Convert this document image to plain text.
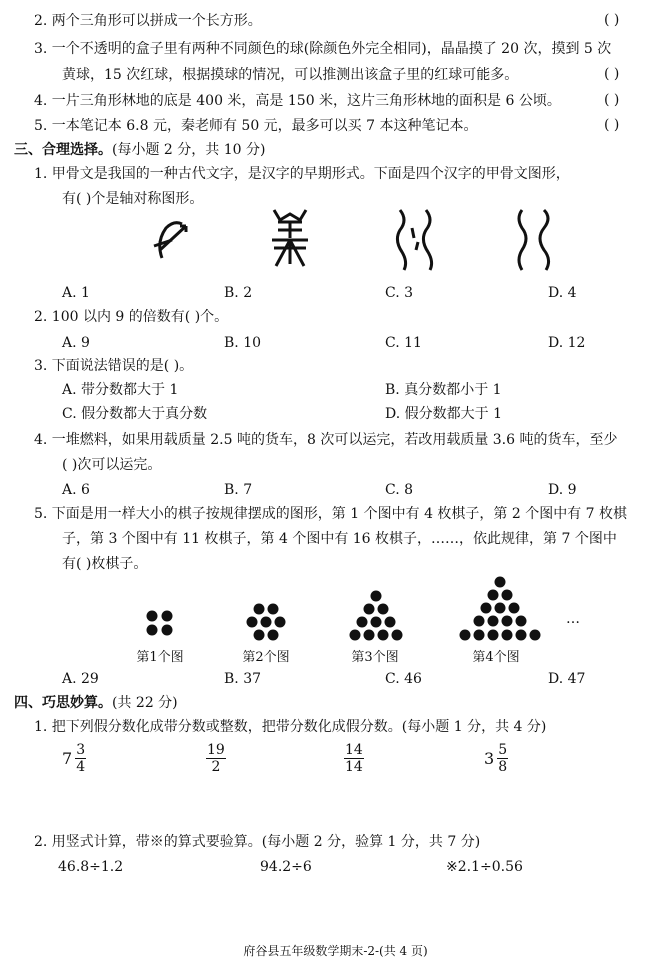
2. 两个三角形可以拼成一个长方形。	( )
3. 一个不透明的盒子里有两种不同颜色的球(除颜色外完全相同)，晶晶摸了 20 次，摸到 5 次
黄球，15 次红球，根据摸球的情况，可以推测出该盒子里的红球可能多。	( )
4. 一片三角形林地的底是 400 米，高是 150 米，这片三角形林地的面积是 6 公顷。	( )
5. 一本笔记本 6.8 元，秦老师有 50 元，最多可以买 7 本这种笔记本。	( )
三、合理选择。(每小题 2 分，共 10 分)
1. 甲骨文是我国的一种古代文字，是汉字的早期形式。下面是四个汉字的甲骨文图形，
有( )个是轴对称图形。
A. 1	B. 2	C. 3	D. 4
2. 100 以内 9 的倍数有( )个。
A. 9	B. 10	C. 11	D. 12
3. 下面说法错误的是( )。
A. 带分数都大于 1	B. 真分数都小于 1
C. 假分数都大于真分数	D. 假分数都大于 1
4. 一堆燃料，如果用载质量 2.5 吨的货车，8 次可以运完，若改用载质量 3.6 吨的货车，至少
( )次可以运完。
A. 6	B. 7	C. 8	D. 9
5. 下面是用一样大小的棋子按规律摆成的图形，第 1 个图中有 4 枚棋子，第 2 个图中有 7 枚棋
子，第 3 个图中有 11 枚棋子，第 4 个图中有 16 枚棋子，……，依此规律，第 7 个图中
有( )枚棋子。
…
第1个图	第2个图	第3个图	第4个图
A. 29	B. 37	C. 46	D. 47
四、巧思妙算。(共 22 分)
1. 把下列假分数化成带分数或整数，把带分数化成假分数。(每小题 1 分，共 4 分)
$7 \frac{3}{4}$	$\frac{19}{2}$	$\frac{14}{14}$	$3 \frac{5}{8}$
2. 用竖式计算，带※的算式要验算。(每小题 2 分，验算 1 分，共 7 分)
46.8÷1.2	94.2÷6	※2.1÷0.56
府谷县五年级数学期末-2-(共 4 页)
